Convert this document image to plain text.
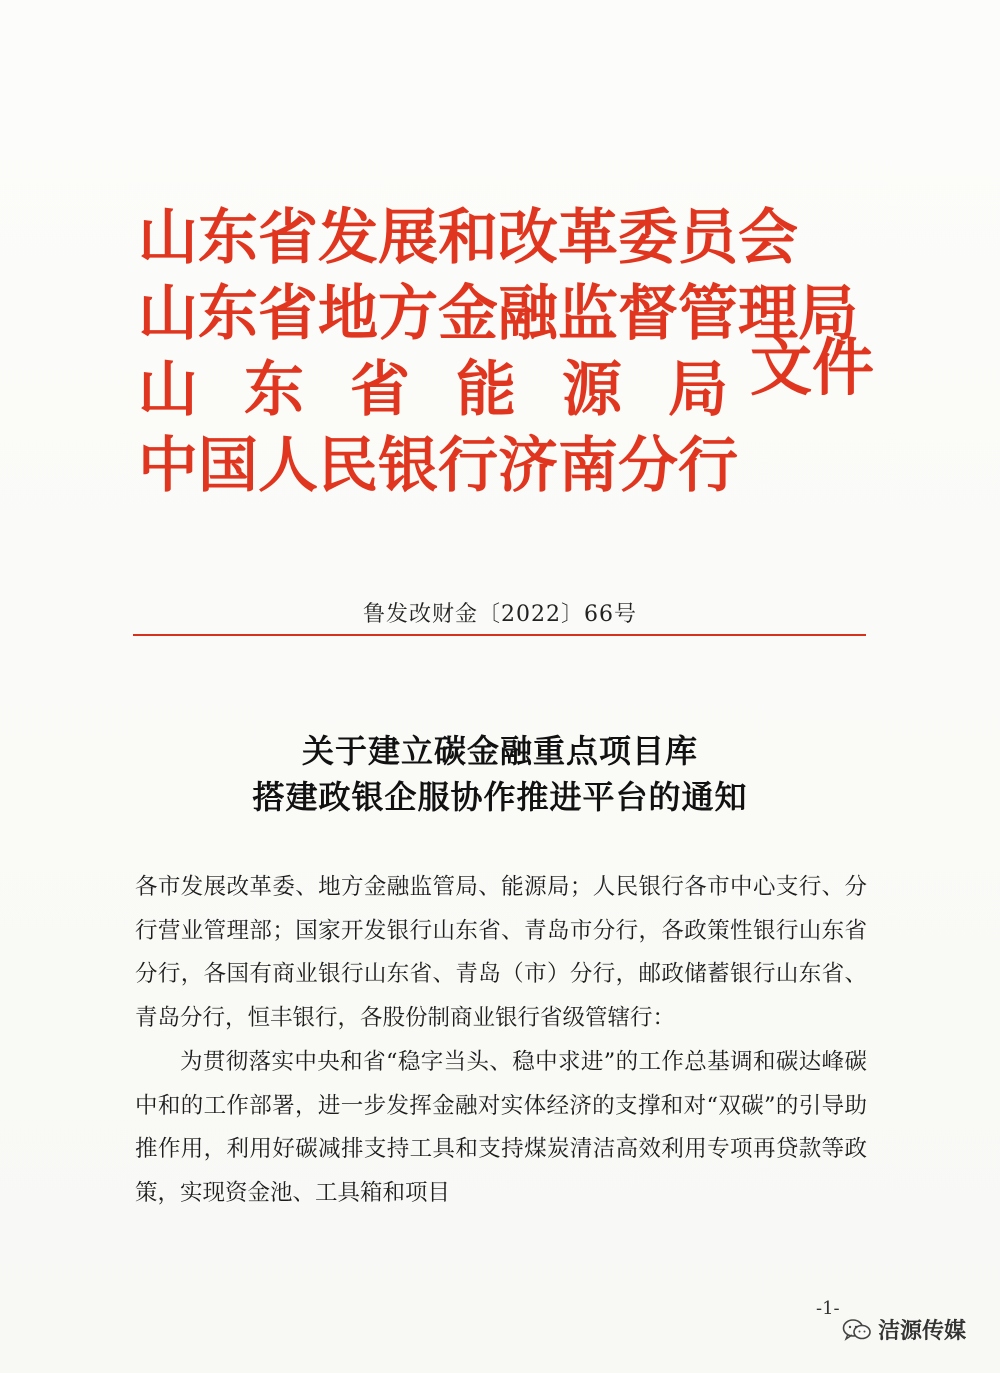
山东省发展和改革委员会
山东省地方金融监督管理局
山东省能源局
中国人民银行济南分行
文件
鲁发改财金〔2022〕66号
关于建立碳金融重点项目库
搭建政银企服协作推进平台的通知

各市发展改革委、地方金融监管局、能源局；人民银行各市中心支行、分行营业管理部；国家开发银行山东省、青岛市分行，各政策性银行山东省分行，各国有商业银行山东省、青岛（市）分行，邮政储蓄银行山东省、青岛分行，恒丰银行，各股份制商业银行省级管辖行：

为贯彻落实中央和省“稳字当头、稳中求进”的工作总基调和碳达峰碳中和的工作部署，进一步发挥金融对实体经济的支撑和对“双碳”的引导助推作用，利用好碳减排支持工具和支持煤炭清洁高效利用专项再贷款等政策，实现资金池、工具箱和项目

-1-
洁源传媒
